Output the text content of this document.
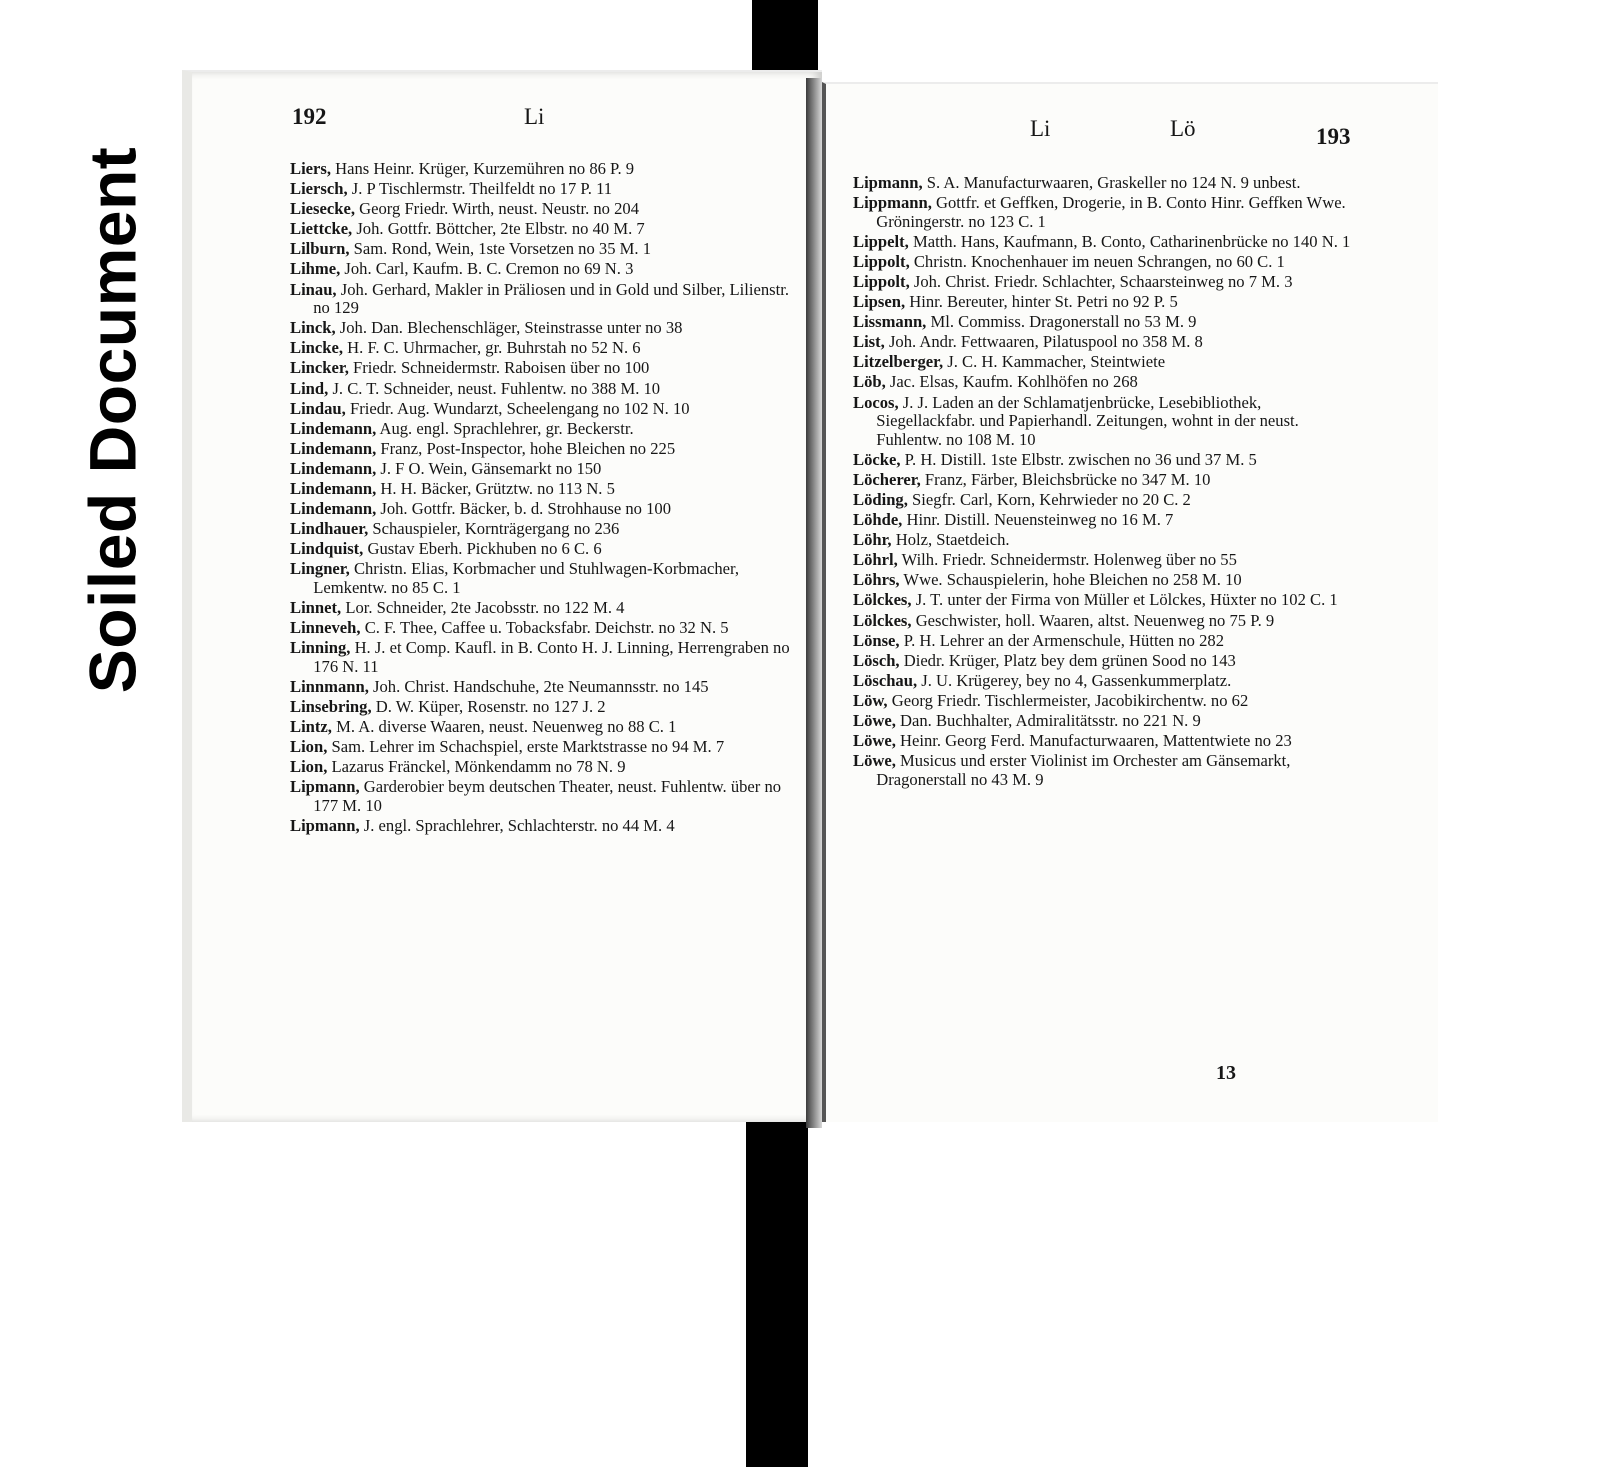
Soiled Document
192	Li
Liers, Hans Heinr. Krüger, Kurzemühren no 86 P. 9
Liersch, J. P Tischlermstr. Theilfeldt no 17 P. 11
Liesecke, Georg Friedr. Wirth, neust. Neustr. no 204
Liettcke, Joh. Gottfr. Böttcher, 2te Elbstr. no 40 M. 7
Lilburn, Sam. Rond, Wein, 1ste Vorsetzen no 35 M. 1
Lihme, Joh. Carl, Kaufm. B. C. Cremon no 69 N. 3
Linau, Joh. Gerhard, Makler in Präliosen und in Gold und Silber, Lilienstr. no 129
Linck, Joh. Dan. Blechenschläger, Steinstrasse unter no 38
Lincke, H. F. C. Uhrmacher, gr. Buhrstah no 52 N. 6
Lincker, Friedr. Schneidermstr. Raboisen über no 100
Lind, J. C. T. Schneider, neust. Fuhlentw. no 388 M. 10
Lindau, Friedr. Aug. Wundarzt, Scheelengang no 102 N. 10
Lindemann, Aug. engl. Sprachlehrer, gr. Beckerstr.
Lindemann, Franz, Post-Inspector, hohe Bleichen no 225
Lindemann, J. F O. Wein, Gänsemarkt no 150
Lindemann, H. H. Bäcker, Grütztw. no 113 N. 5
Lindemann, Joh. Gottfr. Bäcker, b. d. Strohhause no 100
Lindhauer, Schauspieler, Kornträgergang no 236
Lindquist, Gustav Eberh. Pickhuben no 6 C. 6
Lingner, Christn. Elias, Korbmacher und Stuhlwagen-Korbmacher, Lemkentw. no 85 C. 1
Linnet, Lor. Schneider, 2te Jacobsstr. no 122 M. 4
Linneveh, C. F. Thee, Caffee u. Tobacksfabr. Deichstr. no 32 N. 5
Linning, H. J. et Comp. Kaufl. in B. Conto H. J. Linning, Herrengraben no 176 N. 11
Linnmann, Joh. Christ. Handschuhe, 2te Neumannsstr. no 145
Linsebring, D. W. Küper, Rosenstr. no 127 J. 2
Lintz, M. A. diverse Waaren, neust. Neuenweg no 88 C. 1
Lion, Sam. Lehrer im Schachspiel, erste Marktstrasse no 94 M. 7
Lion, Lazarus Fränckel, Mönkendamm no 78 N. 9
Lipmann, Garderobier beym deutschen Theater, neust. Fuhlentw. über no 177 M. 10
Lipmann, J. engl. Sprachlehrer, Schlachterstr. no 44 M. 4
Li	Lö	193
Lipmann, S. A. Manufacturwaaren, Graskeller no 124 N. 9 unbest.
Lippmann, Gottfr. et Geffken, Drogerie, in B. Conto Hinr. Geffken Wwe. Gröningerstr. no 123 C. 1
Lippelt, Matth. Hans, Kaufmann, B. Conto, Catharinenbrücke no 140 N. 1
Lippolt, Christn. Knochenhauer im neuen Schrangen, no 60 C. 1
Lippolt, Joh. Christ. Friedr. Schlachter, Schaarsteinweg no 7 M. 3
Lipsen, Hinr. Bereuter, hinter St. Petri no 92 P. 5
Lissmann, Ml. Commiss. Dragonerstall no 53 M. 9
List, Joh. Andr. Fettwaaren, Pilatuspool no 358 M. 8
Litzelberger, J. C. H. Kammacher, Steintwiete
Löb, Jac. Elsas, Kaufm. Kohlhöfen no 268
Locos, J. J. Laden an der Schlamatjenbrücke, Lesebibliothek, Siegellackfabr. und Papierhandl. Zeitungen, wohnt in der neust. Fuhlentw. no 108 M. 10
Löcke, P. H. Distill. 1ste Elbstr. zwischen no 36 und 37 M. 5
Löcherer, Franz, Färber, Bleichsbrücke no 347 M. 10
Löding, Siegfr. Carl, Korn, Kehrwieder no 20 C. 2
Löhde, Hinr. Distill. Neuensteinweg no 16 M. 7
Löhr, Holz, Staetdeich.
Löhrl, Wilh. Friedr. Schneidermstr. Holenweg über no 55
Löhrs, Wwe. Schauspielerin, hohe Bleichen no 258 M. 10
Lölckes, J. T. unter der Firma von Müller et Lölckes, Hüxter no 102 C. 1
Lölckes, Geschwister, holl. Waaren, altst. Neuenweg no 75 P. 9
Lönse, P. H. Lehrer an der Armenschule, Hütten no 282
Lösch, Diedr. Krüger, Platz bey dem grünen Sood no 143
Löschau, J. U. Krügerey, bey no 4, Gassenkummerplatz.
Löw, Georg Friedr. Tischlermeister, Jacobikirchentw. no 62
Löwe, Dan. Buchhalter, Admiralitätsstr. no 221 N. 9
Löwe, Heinr. Georg Ferd. Manufacturwaaren, Mattentwiete no 23
Löwe, Musicus und erster Violinist im Orchester am Gänsemarkt, Dragonerstall no 43 M. 9
13
